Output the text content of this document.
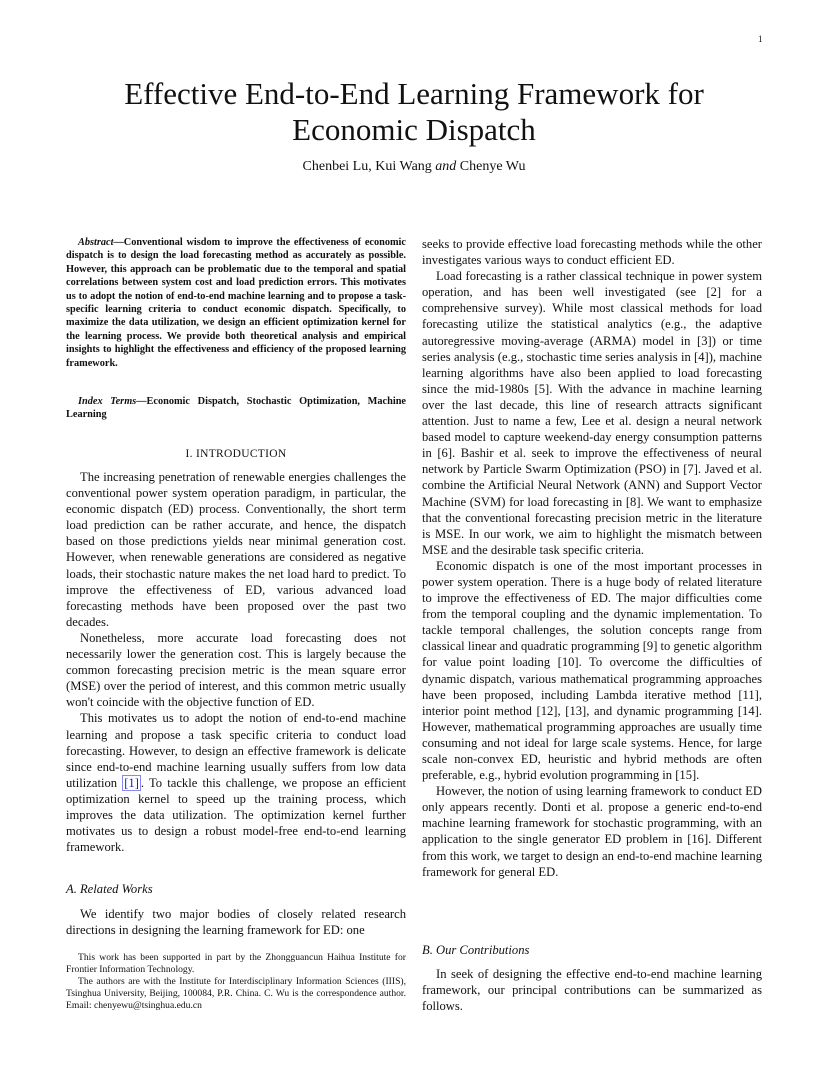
1
Effective End-to-End Learning Framework for Economic Dispatch
Chenbei Lu, Kui Wang and Chenye Wu

Abstract—Conventional wisdom to improve the effectiveness of economic dispatch is to design the load forecasting method as accurately as possible. However, this approach can be problematic due to the temporal and spatial correlations between system cost and load prediction errors. This motivates us to adopt the notion of end-to-end machine learning and to propose a task-specific learning criteria to conduct economic dispatch. Specifically, to maximize the data utilization, we design an efficient optimization kernel for the learning process. We provide both theoretical analysis and empirical insights to highlight the effectiveness and efficiency of the proposed learning framework.

Index Terms—Economic Dispatch, Stochastic Optimization, Machine Learning

I. INTRODUCTION

The increasing penetration of renewable energies challenges the conventional power system operation paradigm, in particular, the economic dispatch (ED) process. Conventionally, the short term load prediction can be rather accurate, and hence, the dispatch based on those predictions yields near minimal generation cost. However, when renewable generations are considered as negative loads, their stochastic nature makes the net load hard to predict. To improve the effectiveness of ED, various advanced load forecasting methods have been proposed over the past two decades.

Nonetheless, more accurate load forecasting does not necessarily lower the generation cost. This is largely because the common forecasting precision metric is the mean square error (MSE) over the period of interest, and this common metric usually won't coincide with the objective function of ED.

This motivates us to adopt the notion of end-to-end machine learning and propose a task specific criteria to conduct load forecasting. However, to design an effective framework is delicate since end-to-end machine learning usually suffers from low data utilization [1] . To tackle this challenge, we propose an efficient optimization kernel to speed up the training process, which improves the data utilization. The optimization kernel further motivates us to design a robust model-free end-to-end learning framework.

A. Related Works

We identify two major bodies of closely related research directions in designing the learning framework for ED: one

This work has been supported in part by the Zhongguancun Haihua Institute for Frontier Information Technology.

The authors are with the Institute for Interdisciplinary Information Sciences (IIIS), Tsinghua University, Beijing, 100084, P.R. China. C. Wu is the correspondence author. Email: chenyewu@tsinghua.edu.cn

seeks to provide effective load forecasting methods while the other investigates various ways to conduct efficient ED.

Load forecasting is a rather classical technique in power system operation, and has been well investigated (see [2] for a comprehensive survey). While most classical methods for load forecasting utilize the statistical analytics (e.g., the adaptive autoregressive moving-average (ARMA) model in [3]) or time series analysis (e.g., stochastic time series analysis in [4]), machine learning algorithms have also been applied to load forecasting since the mid-1980s [5]. With the advance in machine learning over the last decade, this line of research attracts significant attention. Just to name a few, Lee et al. design a neural network based model to capture weekend-day energy consumption patterns in [6]. Bashir et al. seek to improve the effectiveness of neural network by Particle Swarm Optimization (PSO) in [7]. Javed et al. combine the Artificial Neural Network (ANN) and Support Vector Machine (SVM) for load forecasting in [8]. We want to emphasize that the conventional forecasting precision metric in the literature is MSE. In our work, we aim to highlight the mismatch between MSE and the desirable task specific criteria.

Economic dispatch is one of the most important processes in power system operation. There is a huge body of related literature to improve the effectiveness of ED. The major difficulties come from the temporal coupling and the dynamic implementation. To tackle temporal challenges, the solution concepts range from classical linear and quadratic programming [9] to genetic algorithm for value point loading [10]. To overcome the difficulties of dynamic dispatch, various mathematical programming approaches have been proposed, including Lambda iterative method [11], interior point method [12], [13], and dynamic programming [14]. However, mathematical programming approaches are usually time consuming and not ideal for large scale systems. Hence, for large scale non-convex ED, heuristic and hybrid methods are often preferable, e.g., hybrid evolution programming in [15].

However, the notion of using learning framework to conduct ED only appears recently. Donti et al. propose a generic end-to-end machine learning framework for stochastic programming, with an application to the single generator ED problem in [16]. Different from this work, we target to design an end-to-end machine learning framework for general ED.

B. Our Contributions

In seek of designing the effective end-to-end machine learning framework, our principal contributions can be summarized as follows.
